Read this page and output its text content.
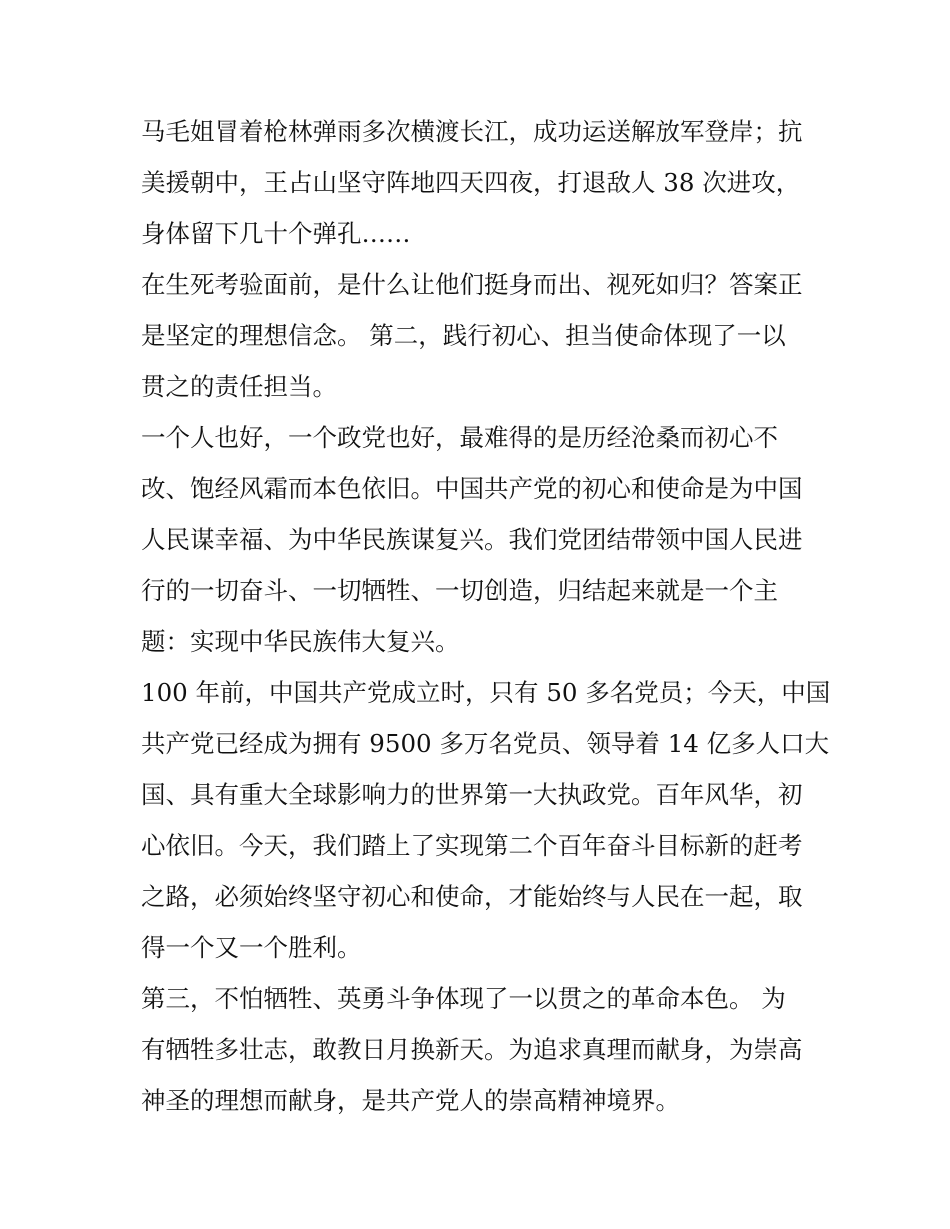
马毛姐冒着枪林弹雨多次横渡长江，成功运送解放军登岸；抗
美援朝中，王占山坚守阵地四天四夜，打退敌人 38 次进攻，
身体留下几十个弹孔……

在生死考验面前，是什么让他们挺身而出、视死如归？答案正
是坚定的理想信念。 第二，践行初心、担当使命体现了一以
贯之的责任担当。

一个人也好，一个政党也好，最难得的是历经沧桑而初心不
改、饱经风霜而本色依旧。中国共产党的初心和使命是为中国
人民谋幸福、为中华民族谋复兴。我们党团结带领中国人民进
行的一切奋斗、一切牺牲、一切创造，归结起来就是一个主
题：实现中华民族伟大复兴。

100 年前，中国共产党成立时，只有 50 多名党员；今天，中国
共产党已经成为拥有 9500 多万名党员、领导着 14 亿多人口大
国、具有重大全球影响力的世界第一大执政党。百年风华，初
心依旧。今天，我们踏上了实现第二个百年奋斗目标新的赶考
之路，必须始终坚守初心和使命，才能始终与人民在一起，取
得一个又一个胜利。

第三，不怕牺牲、英勇斗争体现了一以贯之的革命本色。 为
有牺牲多壮志，敢教日月换新天。为追求真理而献身，为崇高
神圣的理想而献身，是共产党人的崇高精神境界。
